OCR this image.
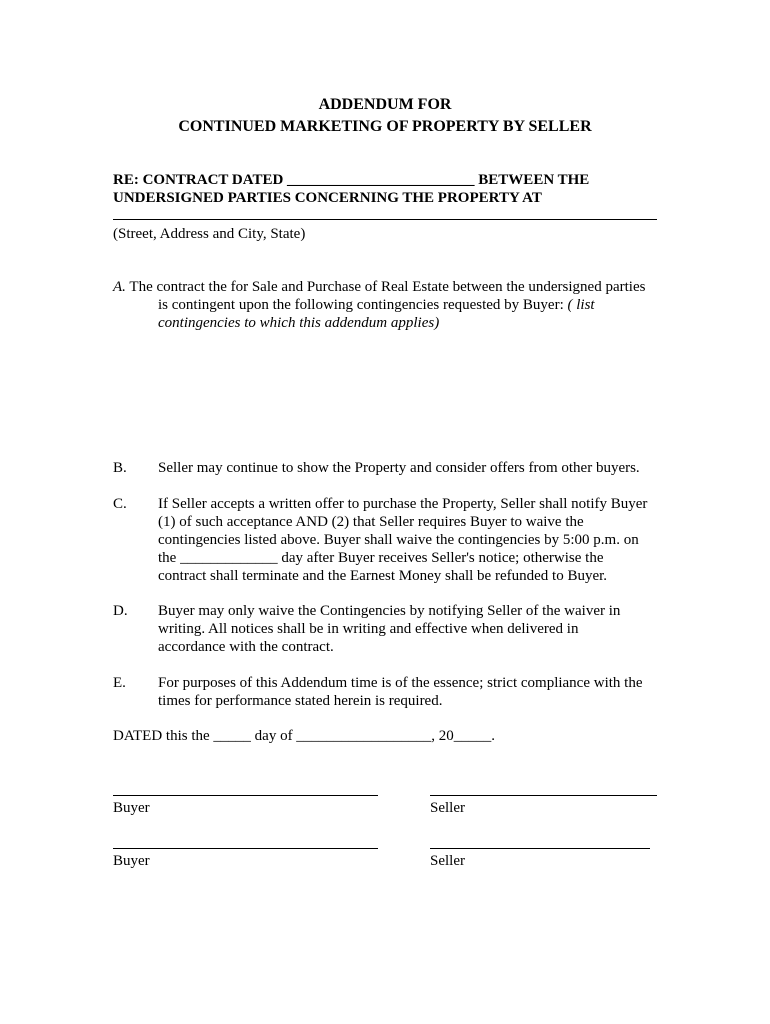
ADDENDUM FOR
CONTINUED MARKETING OF PROPERTY BY SELLER
RE: CONTRACT DATED _________________________ BETWEEN THE
UNDERSIGNED PARTIES CONCERNING THE PROPERTY AT
(Street, Address and City, State)
A. The contract the for Sale and Purchase of Real Estate between the undersigned parties
is contingent upon the following contingencies requested by Buyer: ( list
contingencies to which this addendum applies)
B. Seller may continue to show the Property and consider offers from other buyers.
C. If Seller accepts a written offer to purchase the Property, Seller shall notify Buyer
(1) of such acceptance AND (2) that Seller requires Buyer to waive the
contingencies listed above. Buyer shall waive the contingencies by 5:00 p.m. on
the _____________ day after Buyer receives Seller's notice; otherwise the
contract shall terminate and the Earnest Money shall be refunded to Buyer.
D. Buyer may only waive the Contingencies by notifying Seller of the waiver in
writing. All notices shall be in writing and effective when delivered in
accordance with the contract.
E. For purposes of this Addendum time is of the essence; strict compliance with the
times for performance stated herein is required.
DATED this the _____ day of __________________, 20_____.
Buyer	Seller
Buyer	Seller
